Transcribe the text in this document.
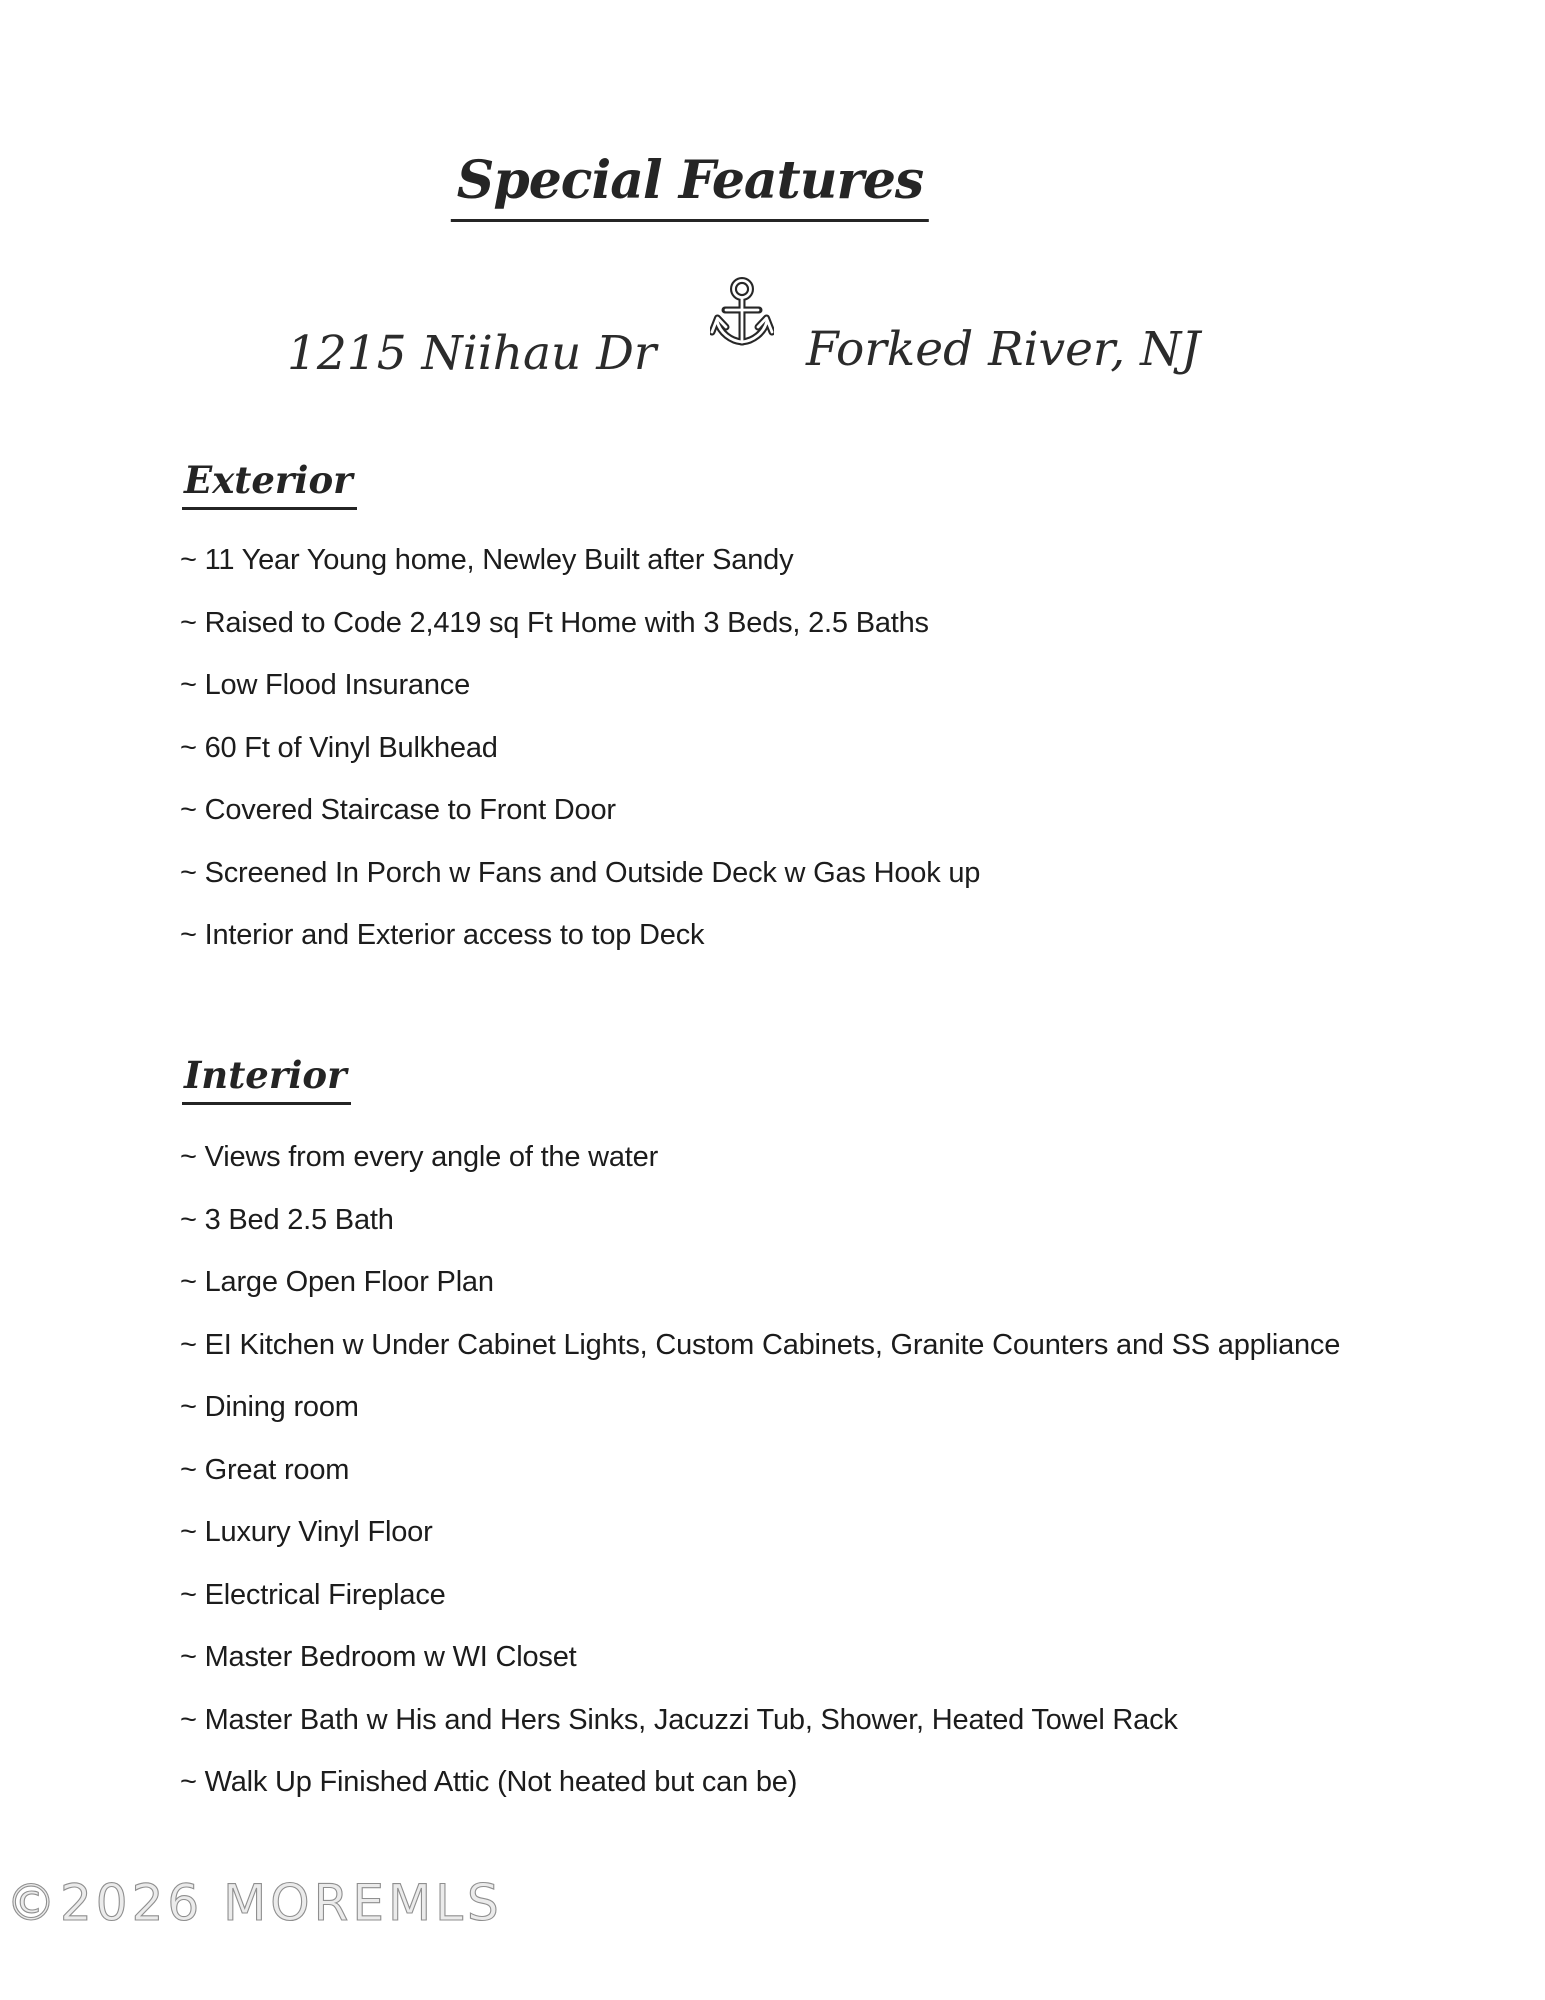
Special Features
1215 Niihau Dr	Forked River, NJ
Exterior
~ 11 Year Young home, Newley Built after Sandy
~ Raised to Code 2,419 sq Ft Home with 3 Beds, 2.5 Baths
~ Low Flood Insurance
~ 60 Ft of Vinyl Bulkhead
~ Covered Staircase to Front Door
~ Screened In Porch w Fans and Outside Deck w Gas Hook up
~ Interior and Exterior access to top Deck
Interior
~ Views from every angle of the water
~ 3 Bed 2.5 Bath
~ Large Open Floor Plan
~ EI Kitchen w Under Cabinet Lights, Custom Cabinets, Granite Counters and SS appliance
~ Dining room
~ Great room
~ Luxury Vinyl Floor
~ Electrical Fireplace
~ Master Bedroom w WI Closet
~ Master Bath w His and Hers Sinks, Jacuzzi Tub, Shower, Heated Towel Rack
~ Walk Up Finished Attic (Not heated but can be)
©2026 MOREMLS
